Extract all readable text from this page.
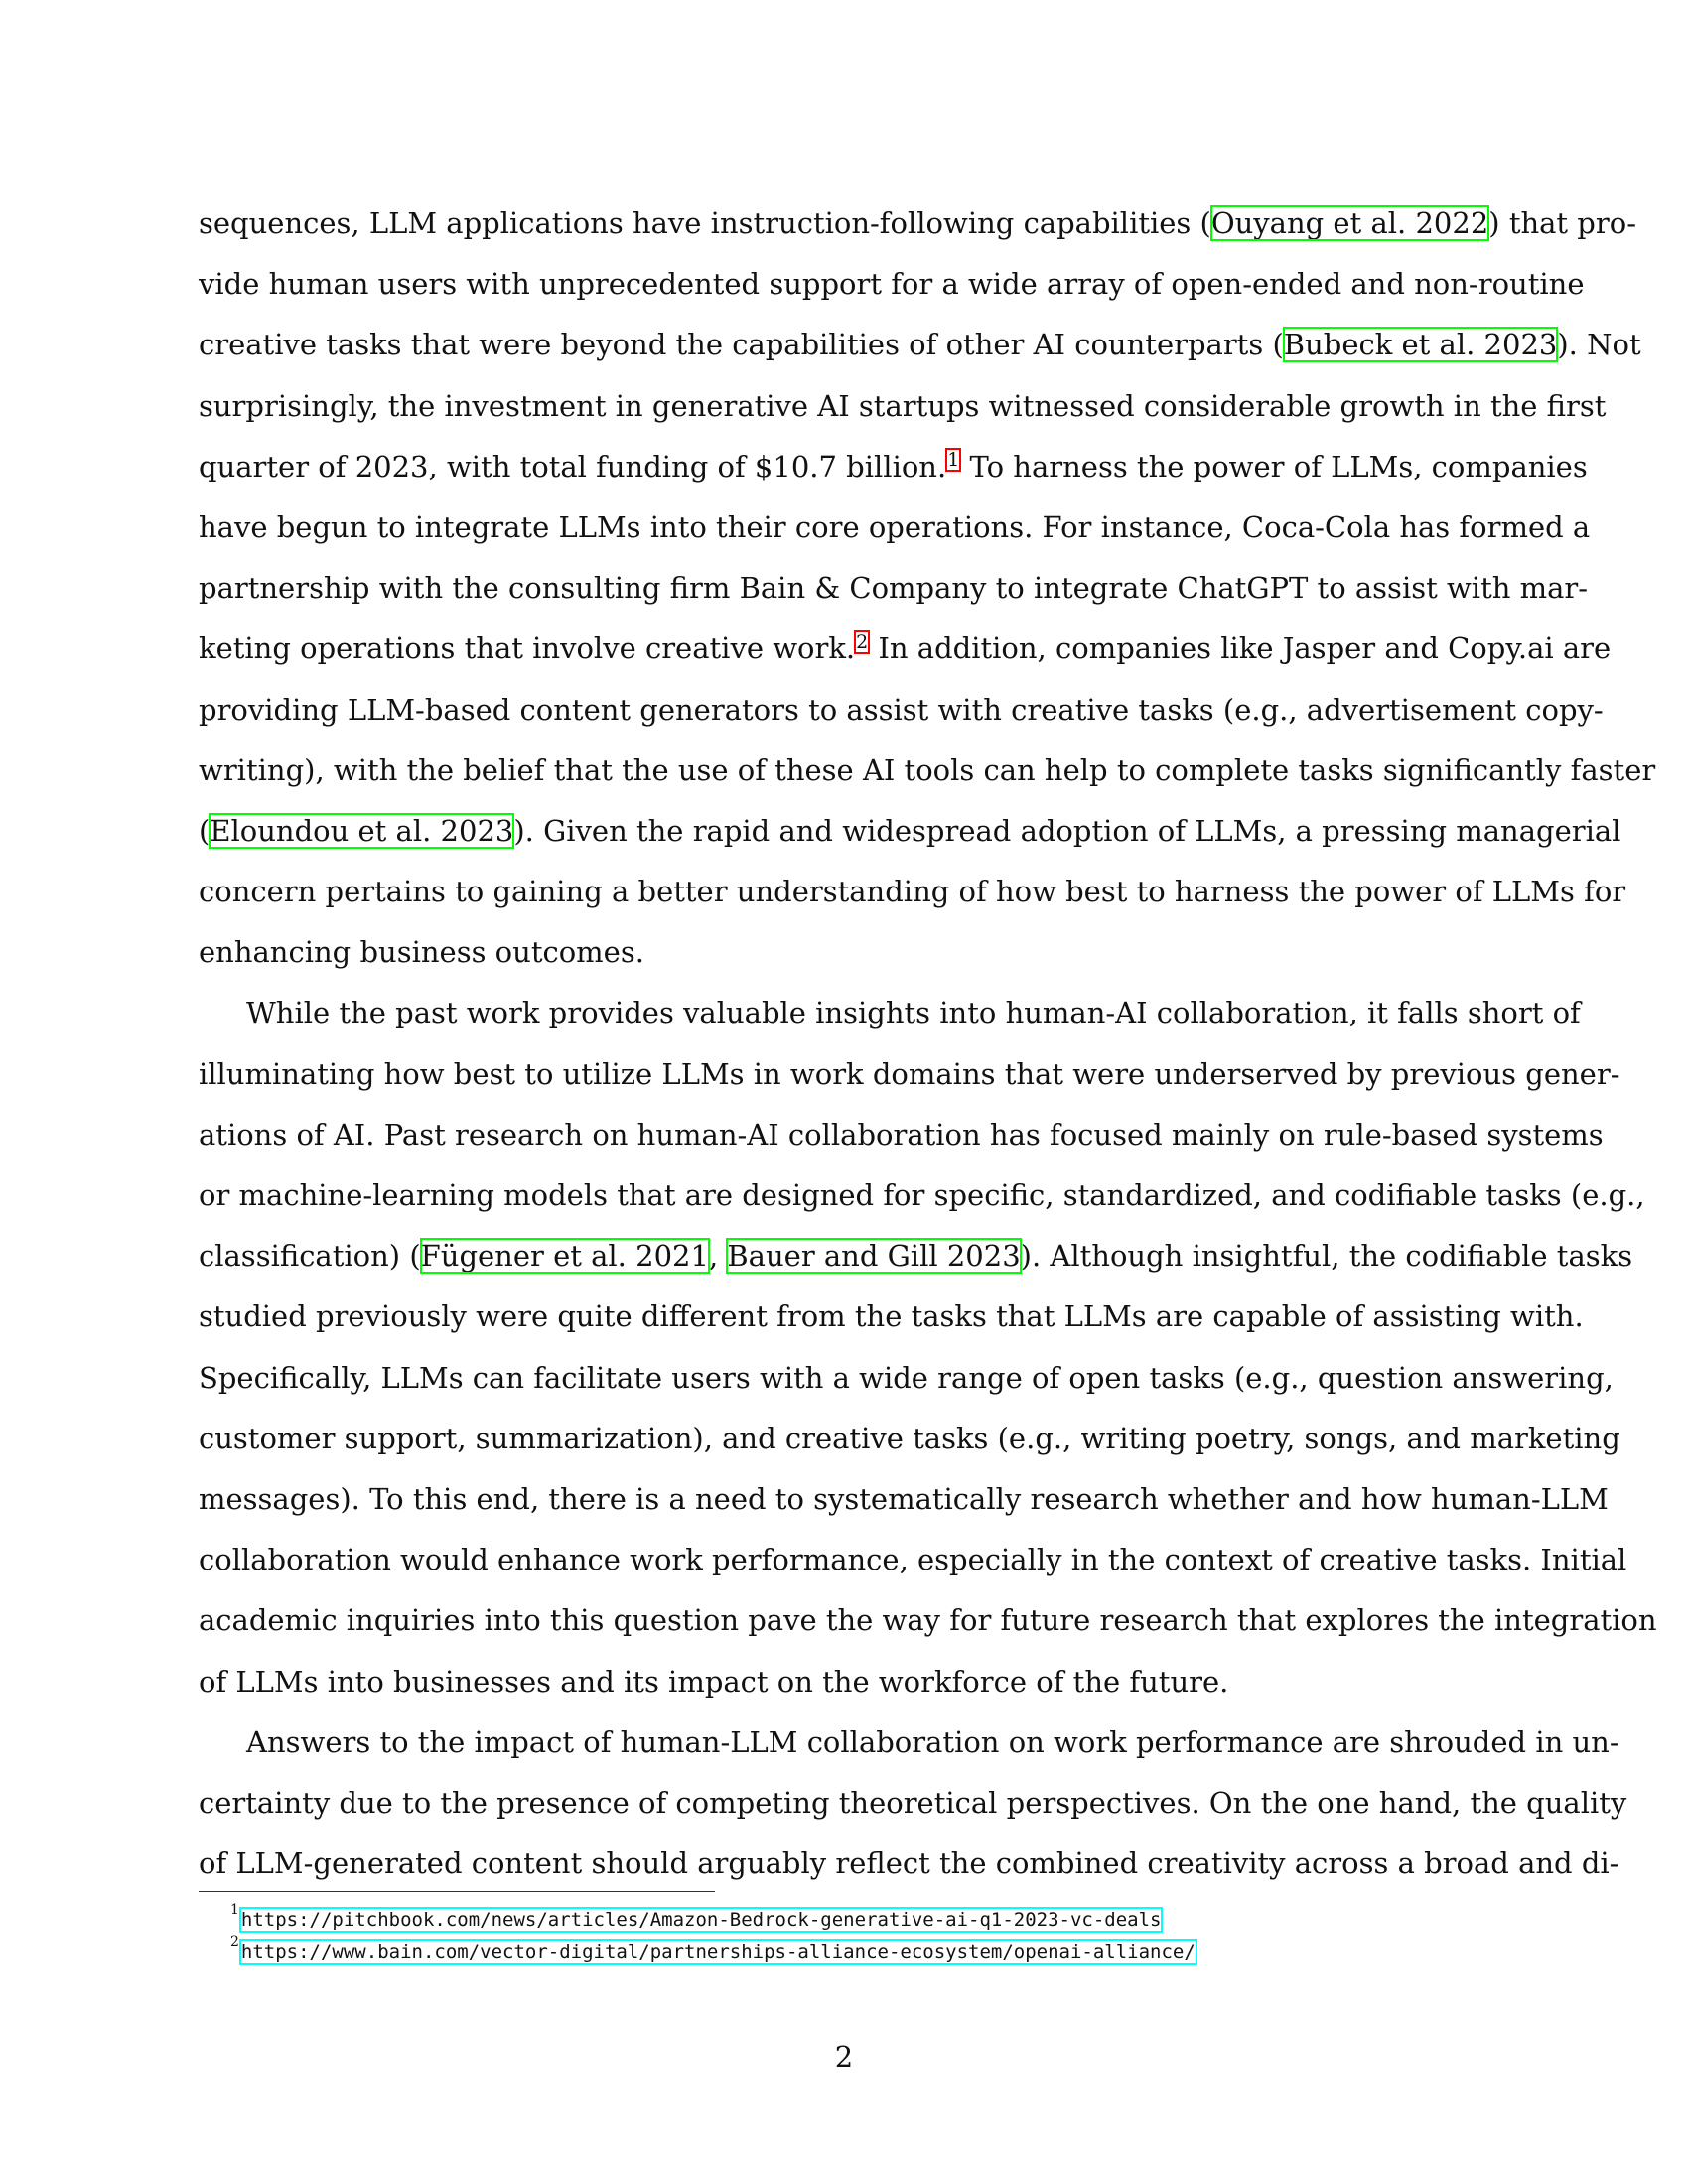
sequences, LLM applications have instruction-following capabilities (Ouyang et al. 2022) that pro-
vide human users with unprecedented support for a wide array of open-ended and non-routine
creative tasks that were beyond the capabilities of other AI counterparts (Bubeck et al. 2023). Not
surprisingly, the investment in generative AI startups witnessed considerable growth in the first
quarter of 2023, with total funding of $10.7 billion.$^1$ To harness the power of LLMs, companies
have begun to integrate LLMs into their core operations. For instance, Coca-Cola has formed a
partnership with the consulting firm Bain & Company to integrate ChatGPT to assist with mar-
keting operations that involve creative work.$^2$ In addition, companies like Jasper and Copy.ai are
providing LLM-based content generators to assist with creative tasks (e.g., advertisement copy-
writing), with the belief that the use of these AI tools can help to complete tasks significantly faster
(Eloundou et al. 2023). Given the rapid and widespread adoption of LLMs, a pressing managerial
concern pertains to gaining a better understanding of how best to harness the power of LLMs for
enhancing business outcomes.
While the past work provides valuable insights into human-AI collaboration, it falls short of
illuminating how best to utilize LLMs in work domains that were underserved by previous gener-
ations of AI. Past research on human-AI collaboration has focused mainly on rule-based systems
or machine-learning models that are designed for specific, standardized, and codifiable tasks (e.g.,
classification) (Fügener et al. 2021, Bauer and Gill 2023). Although insightful, the codifiable tasks
studied previously were quite different from the tasks that LLMs are capable of assisting with.
Specifically, LLMs can facilitate users with a wide range of open tasks (e.g., question answering,
customer support, summarization), and creative tasks (e.g., writing poetry, songs, and marketing
messages). To this end, there is a need to systematically research whether and how human-LLM
collaboration would enhance work performance, especially in the context of creative tasks. Initial
academic inquiries into this question pave the way for future research that explores the integration
of LLMs into businesses and its impact on the workforce of the future.
Answers to the impact of human-LLM collaboration on work performance are shrouded in un-
certainty due to the presence of competing theoretical perspectives. On the one hand, the quality
of LLM-generated content should arguably reflect the combined creativity across a broad and di-
$^1$ https://pitchbook.com/news/articles/Amazon-Bedrock-generative-ai-q1-2023-vc-deals
$^2$ https://www.bain.com/vector-digital/partnerships-alliance-ecosystem/openai-alliance/
2
